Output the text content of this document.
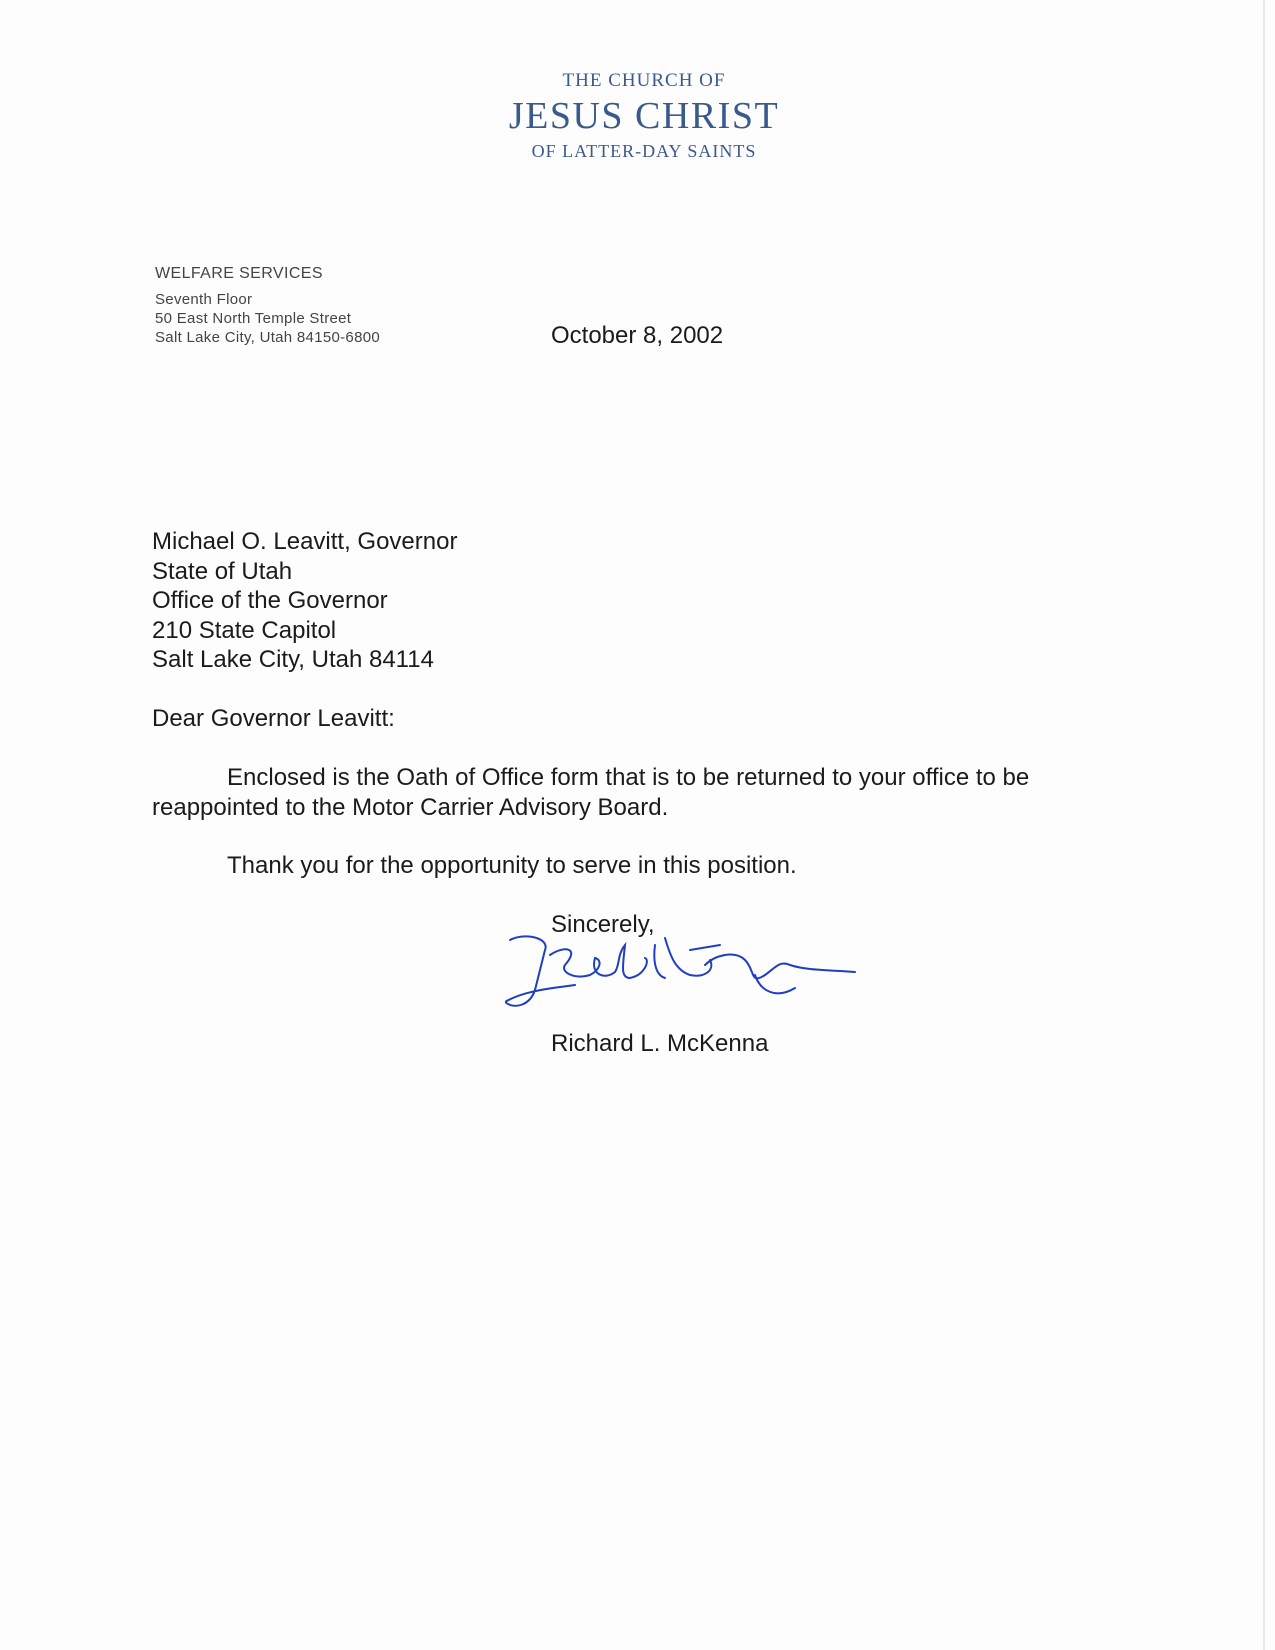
THE CHURCH OF
JESUS CHRIST
OF LATTER-DAY SAINTS
WELFARE SERVICES
Seventh Floor
50 East North Temple Street
Salt Lake City, Utah 84150-6800	October 8, 2002
Michael O. Leavitt, Governor
State of Utah
Office of the Governor
210 State Capitol
Salt Lake City, Utah 84114
Dear Governor Leavitt:
Enclosed is the Oath of Office form that is to be returned to your office to be reappointed to the Motor Carrier Advisory Board.
Thank you for the opportunity to serve in this position.
Sincerely,
Richard L. McKenna
